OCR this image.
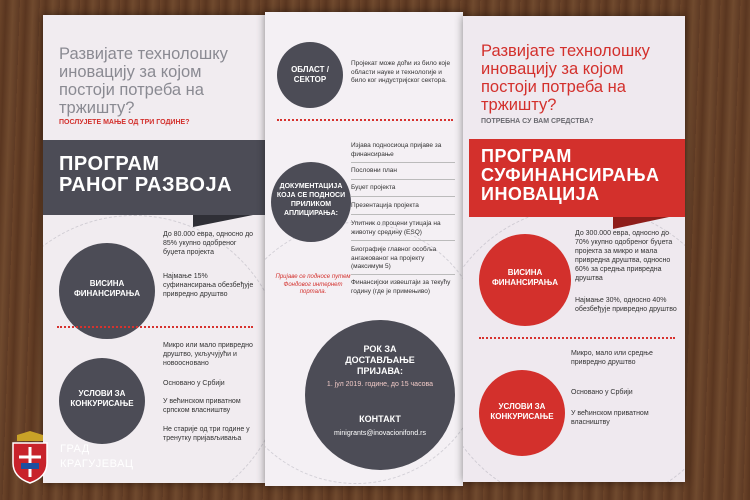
Развијате технолошку иновацију за којом постоји потреба на тржишту?
ПОСЛУЈЕТЕ МАЊЕ ОД ТРИ ГОДИНЕ?
ПРОГРАМ
РАНОГ РАЗВОЈА
ВИСИНА
ФИНАНСИРАЊА
До 80.000 евра, односно до 85% укупно одобреног буџета пројекта
Најмање 15% суфинансирања обезбеђује привредно друштво
УСЛОВИ ЗА
КОНКУРИСАЊЕ
Микро или мало привредно друштво, укључујући и новоосновано
Основано у Србији
У већинском приватном српском власништву
Не старије од три године у тренутку пријављивања
ОБЛАСТ /
СЕКТОР
Пројекат може доћи из било које области науке и технологије и било ког индустријског сектора.
ДОКУМЕНТАЦИЈА
КОЈА СЕ ПОДНОСИ
ПРИЛИКОМ
АПЛИЦИРАЊА:
Пријаве се подносе путем Фондовог интернет портала.
Изјава подносиоца пријаве за финансирање
Пословни план
Буџет пројекта
Презентација пројекта
Упитник о процени утицаја на животну средину (ESQ)
Биографије главног особља ангажованог на пројекту (максимум 5)
Финансијски извештаји за текућу годину (где је примењиво)
РОК ЗА
ДОСТАВЉАЊЕ
ПРИЈАВА:
1. јул 2019. године, до 15 часова
КОНТАКТ
minigrants@inovacionifond.rs
Развијате технолошку иновацију за којом постоји потреба на тржишту?
ПОТРЕБНА СУ ВАМ СРЕДСТВА?
ПРОГРАМ
СУФИНАНСИРАЊА
ИНОВАЦИЈА
ВИСИНА
ФИНАНСИРАЊА
До 300.000 евра, односно до 70% укупно одобреног буџета пројекта за микро и мала привредна друштва, односно 60% за средња привредна друштва
Најмање 30%, односно 40% обезбеђује привредно друштво
УСЛОВИ ЗА
КОНКУРИСАЊЕ
Микро, мало или средње привредно друштво
Основано у Србији
У већинском приватном власништву
ГРАД
КРАГУЈЕВАЦ
